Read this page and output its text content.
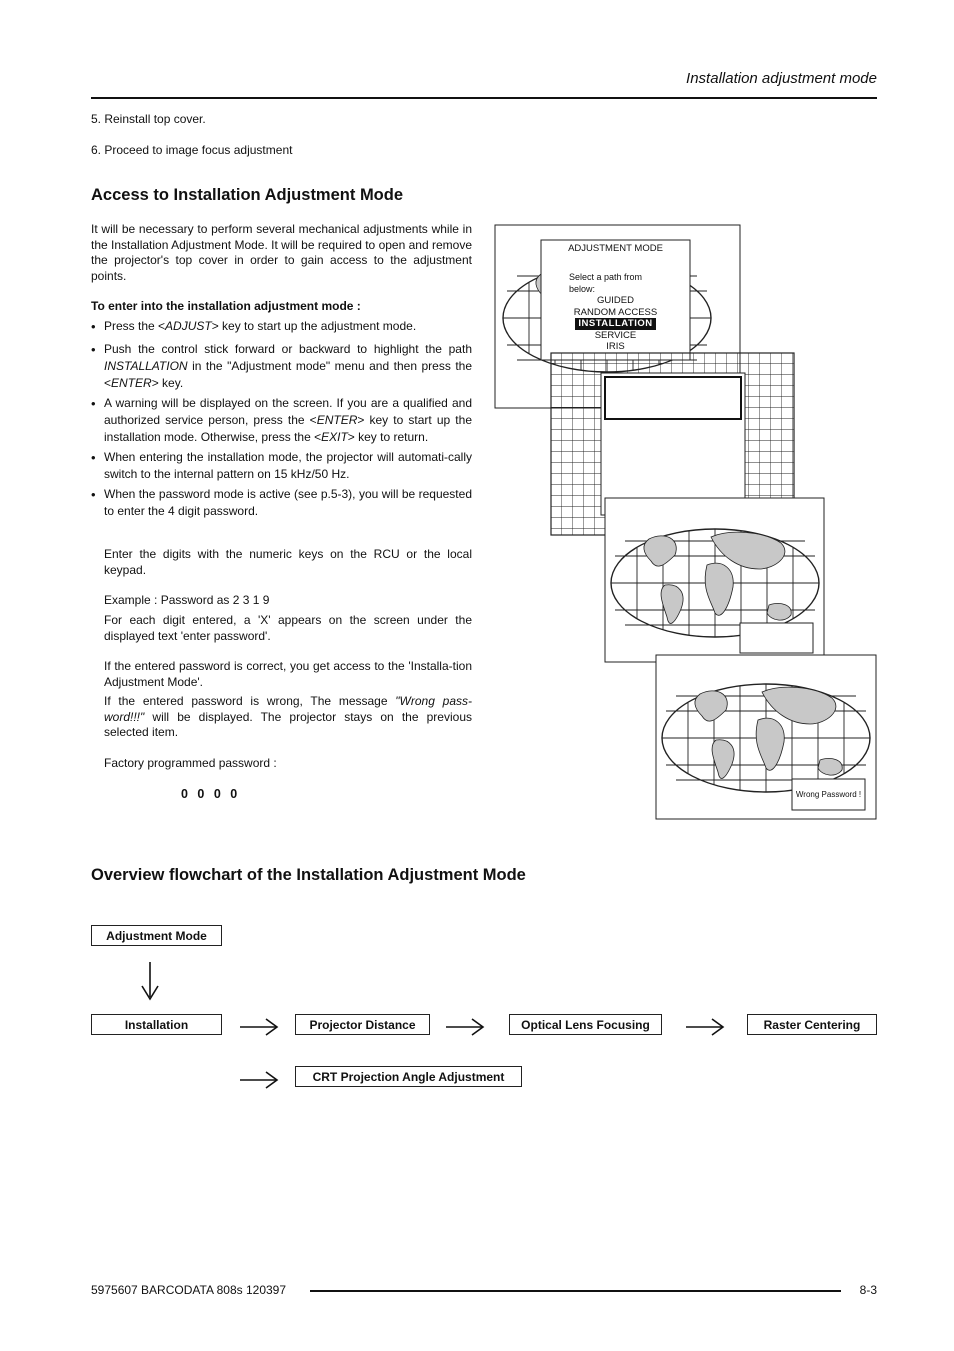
Installation adjustment mode
5. Reinstall top cover.
6. Proceed to image focus adjustment
Access to Installation Adjustment Mode
It will be necessary to perform several mechanical adjustments while in the Installation Adjustment Mode. It will be required to open and remove the projector's top cover in order to gain access to the adjustment points.
To enter into the installation adjustment mode :
• Press the <ADJUST> key to start up the adjustment mode.
• Push the control stick forward or backward to highlight the path INSTALLATION in the "Adjustment mode" menu and then press the <ENTER> key.
• A warning will be displayed on the screen. If you are a qualified and authorized service person, press the <ENTER> key to start up the installation mode. Otherwise, press the <EXIT> key to return.
• When entering the installation mode, the projector will automati-cally switch to the internal pattern on 15 kHz/50 Hz.
• When the password mode is active (see p.5-3), you will be requested to enter the 4 digit password.
Enter the digits with the numeric keys on the RCU or the local keypad.
Example : Password as 2 3 1 9
For each digit entered, a 'X' appears on the screen under the displayed text 'enter password'.
If the entered password is correct, you get access to the 'Installa-tion Adjustment Mode'.
If the entered password is wrong, The message "Wrong pass-word!!!" will be displayed. The projector stays on the previous selected item.
Factory programmed password :
0 0 0 0
ADJUSTMENT MODE
Select a path from
below:
GUIDED
RANDOM ACCESS
INSTALLATION
SERVICE
IRIS
Wrong Password !
Overview flowchart of the Installation Adjustment Mode
Adjustment Mode
Installation	Projector Distance	Optical Lens Focusing	Raster Centering
CRT Projection Angle Adjustment
5975607 BARCODATA 808s 120397	8-3
